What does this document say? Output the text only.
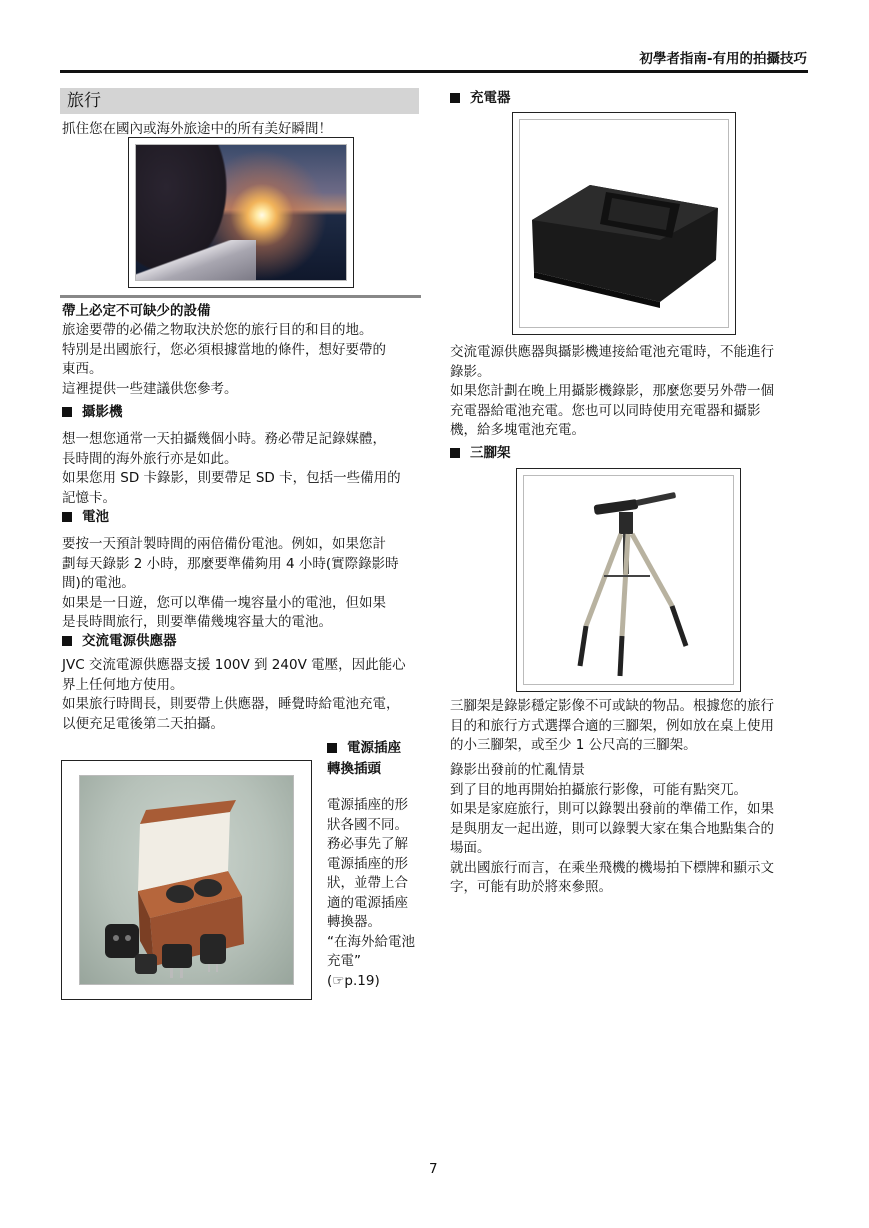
初學者指南-有用的拍攝技巧
旅行
抓住您在國內或海外旅途中的所有美好瞬間！
帶上必定不可缺少的設備
旅途要帶的必備之物取決於您的旅行目的和目的地。
特別是出國旅行，您必須根據當地的條件，想好要帶的
東西。
這裡提供一些建議供您參考。
攝影機
想一想您通常一天拍攝幾個小時。務必帶足記錄媒體，
長時間的海外旅行亦是如此。
如果您用 SD 卡錄影，則要帶足 SD 卡，包括一些備用的
記憶卡。
電池
要按一天預計製時間的兩倍備份電池。例如，如果您計
劃每天錄影 2 小時，那麼要準備夠用 4 小時(實際錄影時
間)的電池。
如果是一日遊，您可以準備一塊容量小的電池，但如果
是長時間旅行，則要準備幾塊容量大的電池。
交流電源供應器
JVC 交流電源供應器支援 100V 到 240V 電壓，因此能心
界上任何地方使用。
如果旅行時間長，則要帶上供應器，睡覺時給電池充電，
以便充足電後第二天拍攝。
電源插座
轉換插頭
電源插座的形
狀各國不同。
務必事先了解
電源插座的形
狀，並帶上合
適的電源插座
轉換器。
“在海外給電池
充電”
(☞p.19)
充電器
交流電源供應器與攝影機連接給電池充電時，不能進行
錄影。
如果您計劃在晚上用攝影機錄影，那麼您要另外帶一個
充電器給電池充電。您也可以同時使用充電器和攝影
機，給多塊電池充電。
三腳架
三腳架是錄影穩定影像不可或缺的物品。根據您的旅行
目的和旅行方式選擇合適的三腳架，例如放在桌上使用
的小三腳架，或至少 1 公尺高的三腳架。
錄影出發前的忙亂情景
到了目的地再開始拍攝旅行影像，可能有點突兀。
如果是家庭旅行，則可以錄製出發前的準備工作，如果
是與朋友一起出遊，則可以錄製大家在集合地點集合的
場面。
就出國旅行而言，在乘坐飛機的機場拍下標牌和顯示文
字，可能有助於將來參照。
7
